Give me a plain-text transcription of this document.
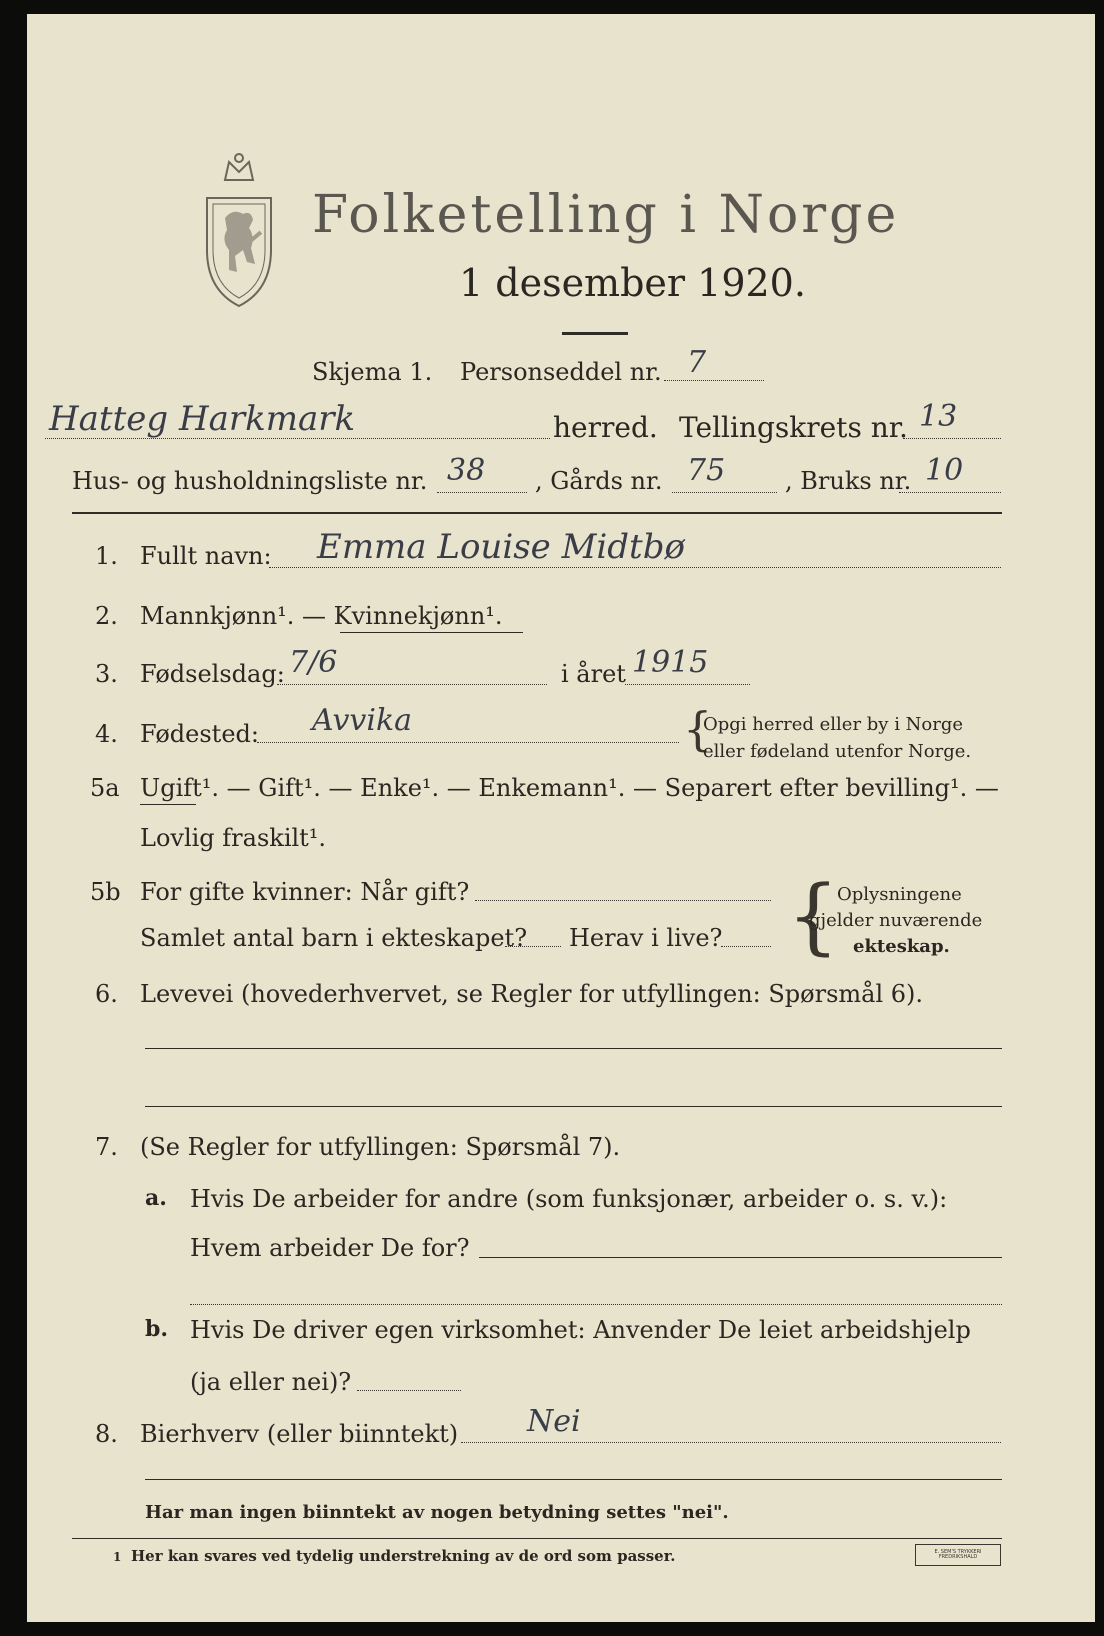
Folketelling i Norge
1 desember 1920.
Skjema 1. Personseddel nr. 7
Hatteg Harkmark	herred. Tellingskrets nr. 13
Hus- og husholdningsliste nr. 38 , Gårds nr. 75 , Bruks nr. 10
1. Fullt navn: Emma Louise Midtbø
2. Mannkjønn¹. — Kvinnekjønn¹.
3. Fødselsdag: 7/6	i året 1915
4. Fødested: Avvika	{
Opgi herred eller by i Norge
eller fødeland utenfor Norge.
5a Ugift¹. — Gift¹. — Enke¹. — Enkemann¹. — Separert efter bevilling¹. —
Lovlig fraskilt¹.
5b For gifte kvinner: Når gift?
Samlet antal barn i ekteskapet? Herav i live? {
Oplysningene
gjelder nuværende
ekteskap.
6. Levevei (hovederhvervet, se Regler for utfyllingen: Spørsmål 6).
7. (Se Regler for utfyllingen: Spørsmål 7).
a. Hvis De arbeider for andre (som funksjonær, arbeider o. s. v.):
Hvem arbeider De for?
b. Hvis De driver egen virksomhet: Anvender De leiet arbeidshjelp
(ja eller nei)?
8. Bierhverv (eller biinntekt) Nei
Har man ingen biinntekt av nogen betydning settes "nei".
1 Her kan svares ved tydelig understrekning av de ord som passer.	E. SEM'S TRYKKERI FREDRIKSHALD
